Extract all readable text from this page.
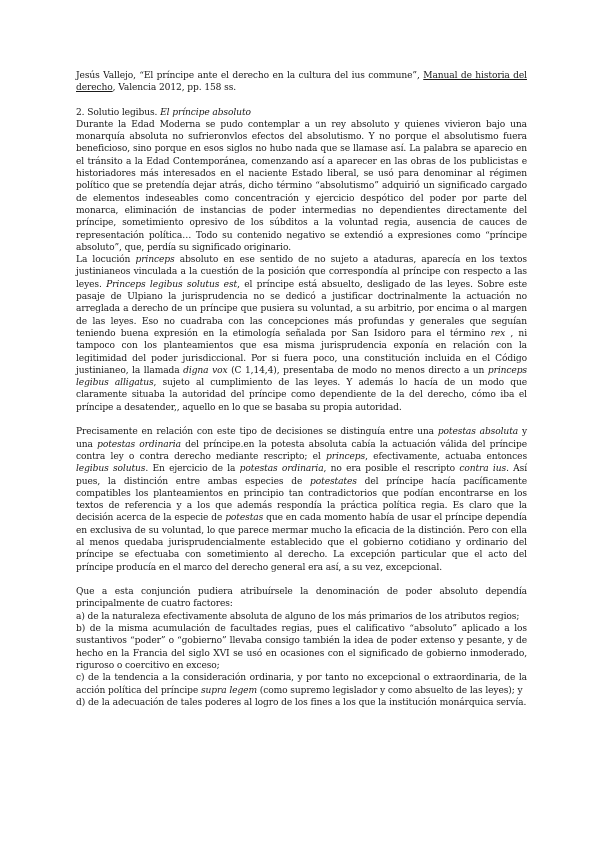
Jesús Vallejo, “El príncipe ante el derecho en la cultura del ius commune”, Manual de historia del derecho, Valencia 2012, pp. 158 ss.

2. Solutio legibus. El príncipe absoluto

Durante la Edad Moderna se pudo contemplar a un rey absoluto y quienes vivieron bajo una monarquía absoluta no sufrieronvlos efectos del absolutismo. Y no porque el absolutismo fuera beneficioso, sino porque en esos siglos no hubo nada que se llamase así. La palabra se aparecio en el tránsito a la Edad Contemporánea, comenzando así a aparecer en las obras de los publicistas e historiadores más interesados en el naciente Estado liberal, se usó para denominar al régimen político que se pretendía dejar atrás, dicho término “absolutismo” adquirió un significado cargado de elementos indeseables como concentración y ejercicio despótico del poder por parte del monarca, eliminación de instancias de poder intermedias no dependientes directamente del príncipe, sometimiento opresivo de los súbditos a la voluntad regia, ausencia de cauces de representación política… Todo su contenido negativo se extendió a expresiones como “príncipe absoluto”, que, perdía su significado originario.

La locución princeps absoluto en ese sentido de no sujeto a ataduras, aparecía en los textos justinianeos vinculada a la cuestión de la posición que correspondía al príncipe con respecto a las leyes. Princeps legibus solutus est, el príncipe está absuelto, desligado de las leyes. Sobre este pasaje de Ulpiano la jurisprudencia no se dedicó a justificar doctrinalmente la actuación no arreglada a derecho de un príncipe que pusiera su voluntad, a su arbitrio, por encima o al margen de las leyes. Eso no cuadraba con las concepciones más profundas y generales que seguían teniendo buena expresión en la etimología señalada por San Isidoro para el término rex , ni tampoco con los planteamientos que esa misma jurisprudencia exponía en relación con la legitimidad del poder jurisdiccional. Por si fuera poco, una constitución incluida en el Código justinianeo, la llamada digna vox (C 1,14,4), presentaba de modo no menos directo a un princeps legibus alligatus, sujeto al cumplimiento de las leyes. Y además lo hacía de un modo que claramente situaba la autoridad del príncipe como dependiente de la del derecho, cómo iba el príncipe a desatender,, aquello en lo que se basaba su propia autoridad.

Precisamente en relación con este tipo de decisiones se distinguía entre una potestas absoluta y una potestas ordinaria del príncipe.en la potesta absoluta cabía la actuación válida del príncipe contra ley o contra derecho mediante rescripto; el princeps, efectivamente, actuaba entonces legibus solutus. En ejercicio de la potestas ordinaria, no era posible el rescripto contra ius. Así pues, la distinción entre ambas especies de potestates del príncipe hacía pacíficamente compatibles los planteamientos en principio tan contradictorios que podían encontrarse en los textos de referencia y a los que además respondía la práctica política regia. Es claro que la decisión acerca de la especie de potestas que en cada momento había de usar el príncipe dependía en exclusiva de su voluntad, lo que parece mermar mucho la eficacia de la distinción. Pero con ella al menos quedaba jurisprudencialmente establecido que el gobierno cotidiano y ordinario del príncipe se efectuaba con sometimiento al derecho. La excepción particular que el acto del príncipe producía en el marco del derecho general era así, a su vez, excepcional.

Que a esta conjunción pudiera atribuírsele la denominación de poder absoluto dependía principalmente de cuatro factores:

a) de la naturaleza efectivamente absoluta de alguno de los más primarios de los atributos regios;

b) de la misma acumulación de facultades regias, pues el calificativo “absoluto” aplicado a los sustantivos “poder” o “gobierno” llevaba consigo también la idea de poder extenso y pesante, y de hecho en la Francia del siglo XVI se usó en ocasiones con el significado de gobierno inmoderado, riguroso o coercitivo en exceso;

c) de la tendencia a la consideración ordinaria, y por tanto no excepcional o extraordinaria, de la acción política del príncipe supra legem (como supremo legislador y como absuelto de las leyes); y

d) de la adecuación de tales poderes al logro de los fines a los que la institución monárquica servía.
